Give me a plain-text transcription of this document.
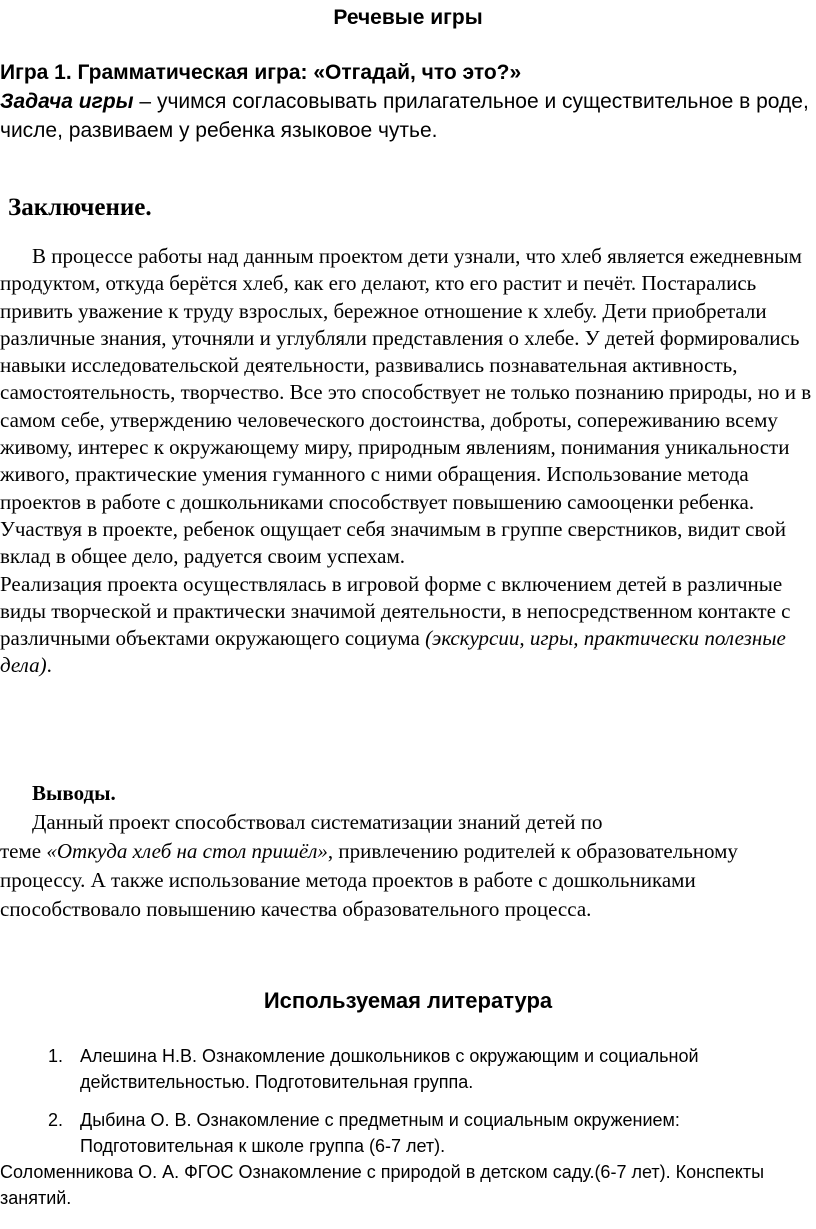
Речевые игры

Игра 1. Грамматическая игра: «Отгадай, что это?»

Задача игры – учимся согласовывать прилагательное и существительное в роде, числе, развиваем у ребенка языковое чутье.

Заключение.

В процессе работы над данным проектом дети узнали, что хлеб является ежедневным продуктом, откуда берётся хлеб, как его делают, кто его растит и печёт. Постарались привить уважение к труду взрослых, бережное отношение к хлебу. Дети приобретали различные знания, уточняли и углубляли представления о хлебе. У детей формировались навыки исследовательской деятельности, развивались познавательная активность, самостоятельность, творчество. Все это способствует не только познанию природы, но и в самом себе, утверждению человеческого достоинства, доброты, сопереживанию всему живому, интерес к окружающему миру, природным явлениям, понимания уникальности живого, практические умения гуманного с ними обращения. Использование метода проектов в работе с дошкольниками способствует повышению самооценки ребенка. Участвуя в проекте, ребенок ощущает себя значимым в группе сверстников, видит свой вклад в общее дело, радуется своим успехам.

Реализация проекта осуществлялась в игровой форме с включением детей в различные виды творческой и практически значимой деятельности, в непосредственном контакте с различными объектами окружающего социума (экскурсии, игры, практически полезные дела).

Выводы.

Данный проект способствовал систематизации знаний детей по

теме «Откуда хлеб на стол пришёл», привлечению родителей к образовательному процессу. А также использование метода проектов в работе с дошкольниками способствовало повышению качества образовательного процесса.

Используемая литература
1. Алешина Н.В. Ознакомление дошкольников с окружающим и социальной действительностью. Подготовительная группа.
2. Дыбина О. В. Ознакомление с предметным и социальным окружением: Подготовительная к школе группа (6-7 лет).

Соломенникова О. А. ФГОС Ознакомление с природой в детском саду.(6-7 лет). Конспекты занятий.
